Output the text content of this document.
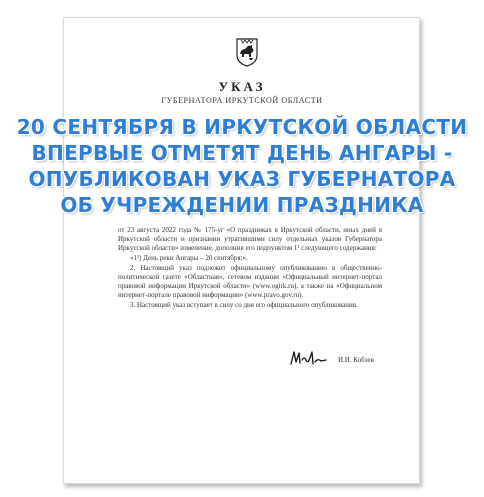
УКАЗ
ГУБЕРНАТОРА ИРКУТСКОЙ ОБЛАСТИ

от 23 августа 2022 года № 175-уг «О праздниках в Иркутской области, иных дней в Иркутской области и признании утратившими силу отдельных указов Губернатора Иркутской области» изменение, дополнив его подпунктом 1¹ следующего содержания:

«1¹) День реки Ангары – 20 сентября;».

2. Настоящий указ подлежит официальному опубликованию в общественно-политической газете «Областная», сетевом издании «Официальный интернет-портал правовой информации Иркутской области» (www.ogirk.ru), а также на «Официальном интернет-портале правовой информации» (www.pravo.gov.ru).

3. Настоящий указ вступает в силу со дня его официального опубликования.

И.И. Кобзев
20 СЕНТЯБРЯ В ИРКУТСКОЙ ОБЛАСТИ
ВПЕРВЫЕ ОТМЕТЯТ ДЕНЬ АНГАРЫ -
ОПУБЛИКОВАН УКАЗ ГУБЕРНАТОРА
ОБ УЧРЕЖДЕНИИ ПРАЗДНИКА
